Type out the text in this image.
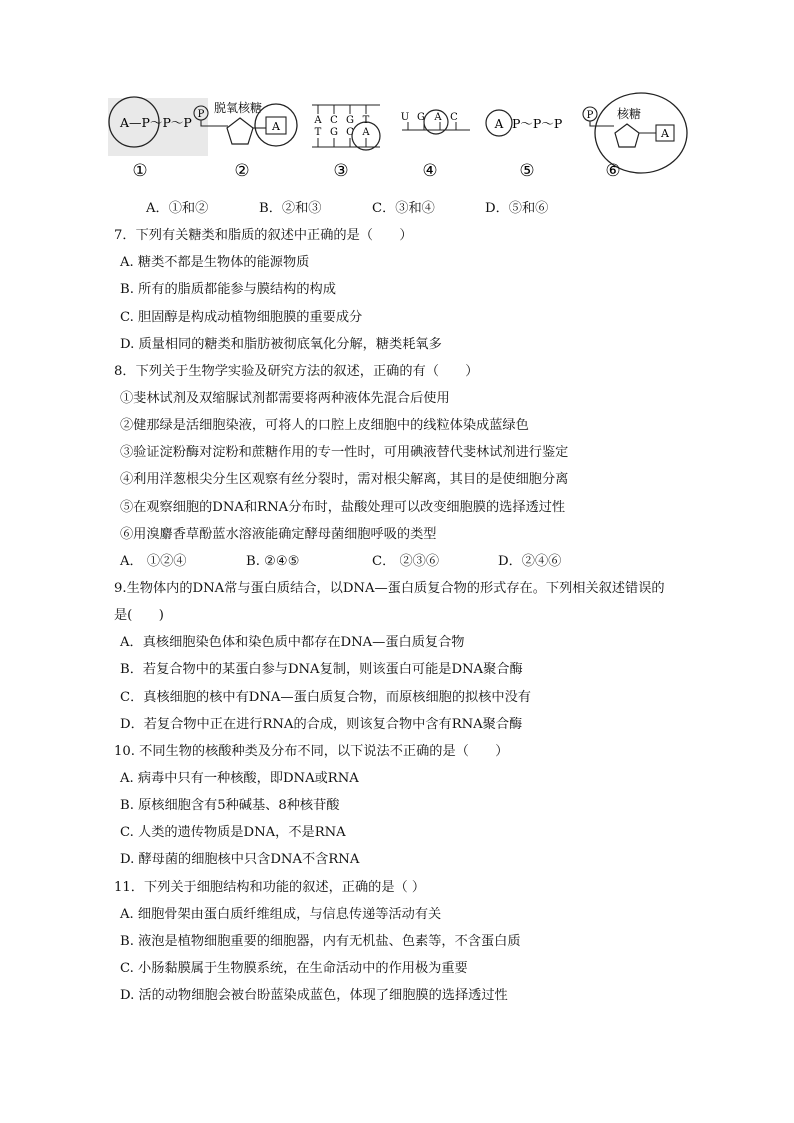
A—P～P～P
①
P 脱氧核糖
A
②
A C G T
T G C A
③
U G A C
④
A P～P～P
⑤
P 核糖
A
⑥
A．①和②	B．②和③	C．③和④	D．⑤和⑥
7．下列有关糖类和脂质的叙述中正确的是（　　）
A. 糖类不都是生物体的能源物质
B. 所有的脂质都能参与膜结构的构成
C. 胆固醇是构成动植物细胞膜的重要成分
D. 质量相同的糖类和脂肪被彻底氧化分解，糖类耗氧多
8．下列关于生物学实验及研究方法的叙述，正确的有（　　）
①斐林试剂及双缩脲试剂都需要将两种液体先混合后使用
②健那绿是活细胞染液，可将人的口腔上皮细胞中的线粒体染成蓝绿色
③验证淀粉酶对淀粉和蔗糖作用的专一性时，可用碘液替代斐林试剂进行鉴定
④利用洋葱根尖分生区观察有丝分裂时，需对根尖解离，其目的是使细胞分离
⑤在观察细胞的DNA和RNA分布时，盐酸处理可以改变细胞膜的选择透过性
⑥用溴麝香草酚蓝水溶液能确定酵母菌细胞呼吸的类型
A． ①②④	B. ②④⑤	C． ②③⑥	D．②④⑥
9.生物体内的DNA常与蛋白质结合，以DNA—蛋白质复合物的形式存在。下列相关叙述错误的
是(　　)
A．真核细胞染色体和染色质中都存在DNA—蛋白质复合物
B．若复合物中的某蛋白参与DNA复制，则该蛋白可能是DNA聚合酶
C．真核细胞的核中有DNA—蛋白质复合物，而原核细胞的拟核中没有
D．若复合物中正在进行RNA的合成，则该复合物中含有RNA聚合酶
10. 不同生物的核酸种类及分布不同，以下说法不正确的是（　　）
A. 病毒中只有一种核酸，即DNA或RNA
B. 原核细胞含有5种碱基、8种核苷酸
C. 人类的遗传物质是DNA，不是RNA
D. 酵母菌的细胞核中只含DNA不含RNA
11．下列关于细胞结构和功能的叙述，正确的是（ ）
A. 细胞骨架由蛋白质纤维组成，与信息传递等活动有关
B. 液泡是植物细胞重要的细胞器，内有无机盐、色素等，不含蛋白质
C. 小肠黏膜属于生物膜系统，在生命活动中的作用极为重要
D. 活的动物细胞会被台盼蓝染成蓝色，体现了细胞膜的选择透过性
